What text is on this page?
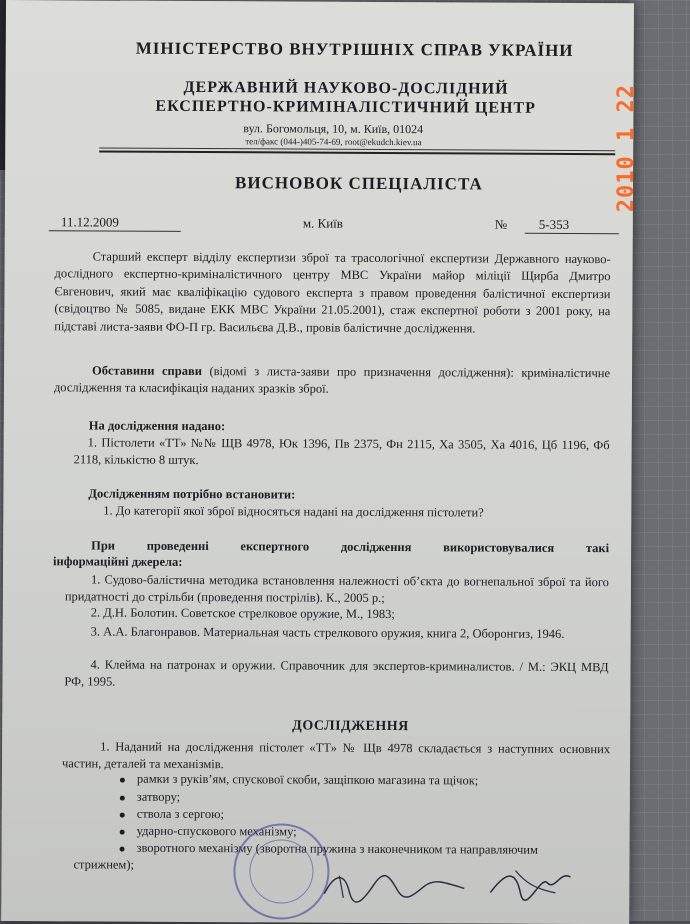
МІНІСТЕРСТВО ВНУТРІШНІХ СПРАВ УКРАЇНИ
ДЕРЖАВНИЙ НАУКОВО-ДОСЛІДНИЙ
ЕКСПЕРТНО-КРИМІНАЛІСТИЧНИЙ ЦЕНТР
вул. Богомольця, 10, м. Київ, 01024
тел/факс (044-)405-74-69, root@ekudch.kiev.ua
ВИСНОВОК СПЕЦІАЛІСТА
11.12.2009	м. Київ	№	5-353
Старший експерт відділу експертизи зброї та трасологічної експертизи Державного науково-дослідного експертно-криміналістичного центру МВС України майор міліції Щирба Дмитро Євгенович, який має кваліфікацію судового експерта з правом проведення балістичної експертизи (свідоцтво № 5085, видане ЕКК МВС України 21.05.2001), стаж експертної роботи з 2001 року, на підставі листа-заяви ФО-П гр. Васильєва Д.В., провів балістичне дослідження.
Обставини справи (відомі з листа-заяви про призначення дослідження): криміналістичне дослідження та класифікація наданих зразків зброї.
На дослідження надано:
1. Пістолети «ТТ» №№ ЩВ 4978, Юк 1396, Пв 2375, Фн 2115, Ха 3505, Ха 4016, Цб 1196, Фб 2118, кількістю 8 штук.
Дослідженням потрібно встановити:
1. До категорії якої зброї відносяться надані на дослідження пістолети?
При проведенні експертного дослідження використовувалися такі
інформаційні джерела:
1. Судово-балістична методика встановлення належності об’єкта до вогнепальної зброї та його придатності до стрільби (проведення пострілів). К., 2005 р.;
2. Д.Н. Болотин. Советское стрелковое оружие, М., 1983;
3. А.А. Благонравов. Материальная часть стрелкового оружия, книга 2, Оборонгиз, 1946.
4. Клейма на патронах и оружии. Справочник для экспертов-криминалистов. / М.: ЭКЦ МВД РФ, 1995.
ДОСЛІДЖЕННЯ
1. Наданий на дослідження пістолет «ТТ» № Щв 4978 складається з наступних основних частин, деталей та механізмів.
рамки з руків’ям, спускової скоби, защіпкою магазина та щічок;
затвору;
ствола з сергою;
ударно-спускового механізму;
зворотного механізму (зворотна пружина з наконечником та направляючим
стрижнем);
2010 1 22
